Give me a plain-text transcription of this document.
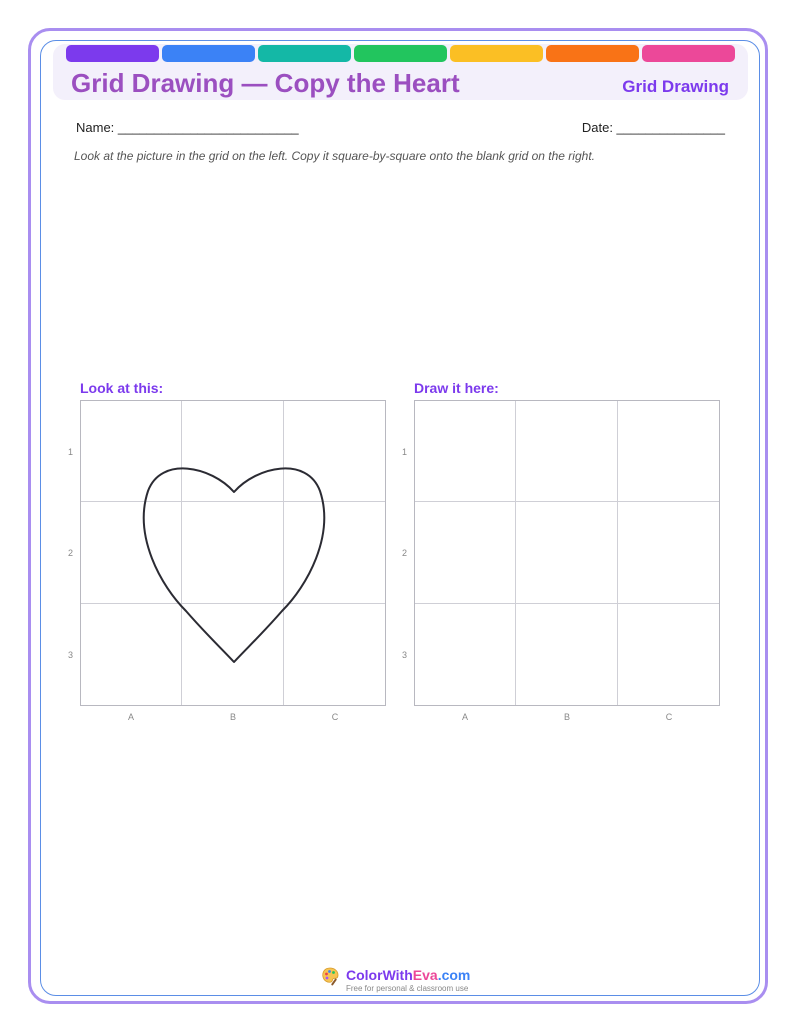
Grid Drawing — Copy the Heart	Grid Drawing
Name: _________________________	Date: _______________
Look at the picture in the grid on the left. Copy it square-by-square onto the blank grid on the right.
Look at this:	Draw it here:
1
2
3
1
2
3
A	B	C	A	B	C
ColorWithEva.com
Free for personal & classroom use
